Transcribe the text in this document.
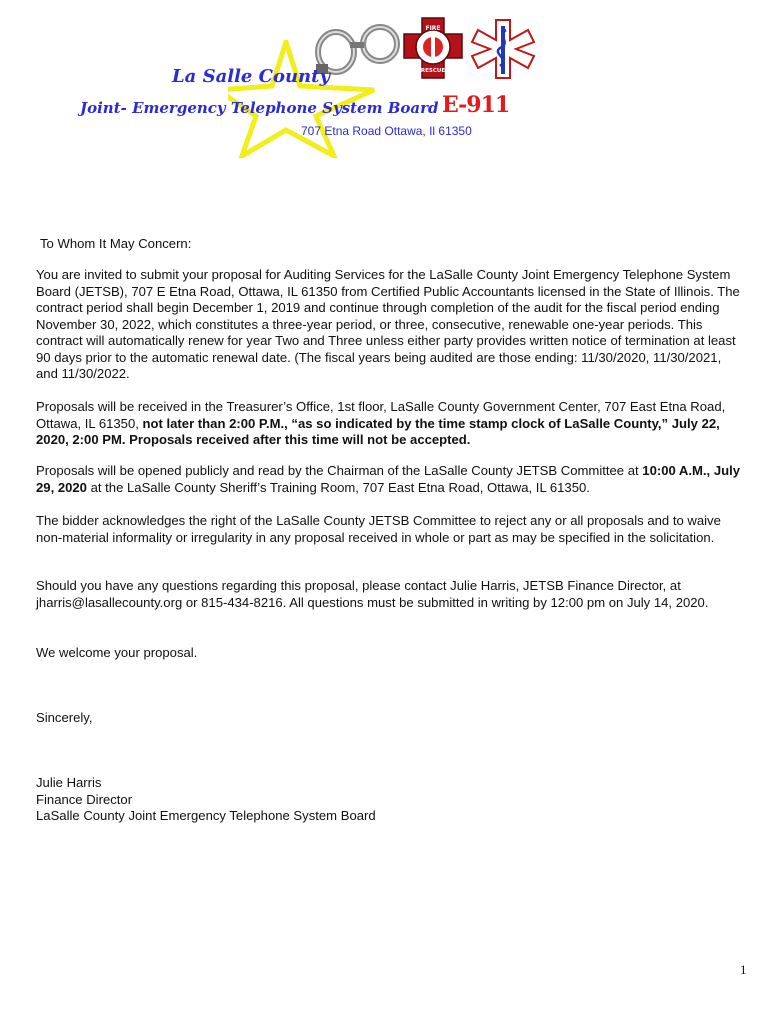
FIRE
RESCUE
La Salle County
Joint- Emergency Telephone System Board E-911
707 Etna Road Ottawa, Il 61350
To Whom It May Concern:
You are invited to submit your proposal for Auditing Services for the LaSalle County Joint Emergency Telephone System Board (JETSB), 707 E Etna Road, Ottawa, IL 61350 from Certified Public Accountants licensed in the State of Illinois. The contract period shall begin December 1, 2019 and continue through completion of the audit for the fiscal period ending November 30, 2022, which constitutes a three-year period, or three, consecutive, renewable one-year periods. This contract will automatically renew for year Two and Three unless either party provides written notice of termination at least 90 days prior to the automatic renewal date. (The fiscal years being audited are those ending: 11/30/2020, 11/30/2021, and 11/30/2022.
Proposals will be received in the Treasurer’s Office, 1st floor, LaSalle County Government Center, 707 East Etna Road, Ottawa, IL 61350, not later than 2:00 P.M., “as so indicated by the time stamp clock of LaSalle County,” July 22, 2020, 2:00 PM. Proposals received after this time will not be accepted.
Proposals will be opened publicly and read by the Chairman of the LaSalle County JETSB Committee at 10:00 A.M., July 29, 2020 at the LaSalle County Sheriff’s Training Room, 707 East Etna Road, Ottawa, IL 61350.
The bidder acknowledges the right of the LaSalle County JETSB Committee to reject any or all proposals and to waive non-material informality or irregularity in any proposal received in whole or part as may be specified in the solicitation.
Should you have any questions regarding this proposal, please contact Julie Harris, JETSB Finance Director, at jharris@lasallecounty.org or 815-434-8216. All questions must be submitted in writing by 12:00 pm on July 14, 2020.
We welcome your proposal.
Sincerely,
Julie Harris
Finance Director
LaSalle County Joint Emergency Telephone System Board
1
